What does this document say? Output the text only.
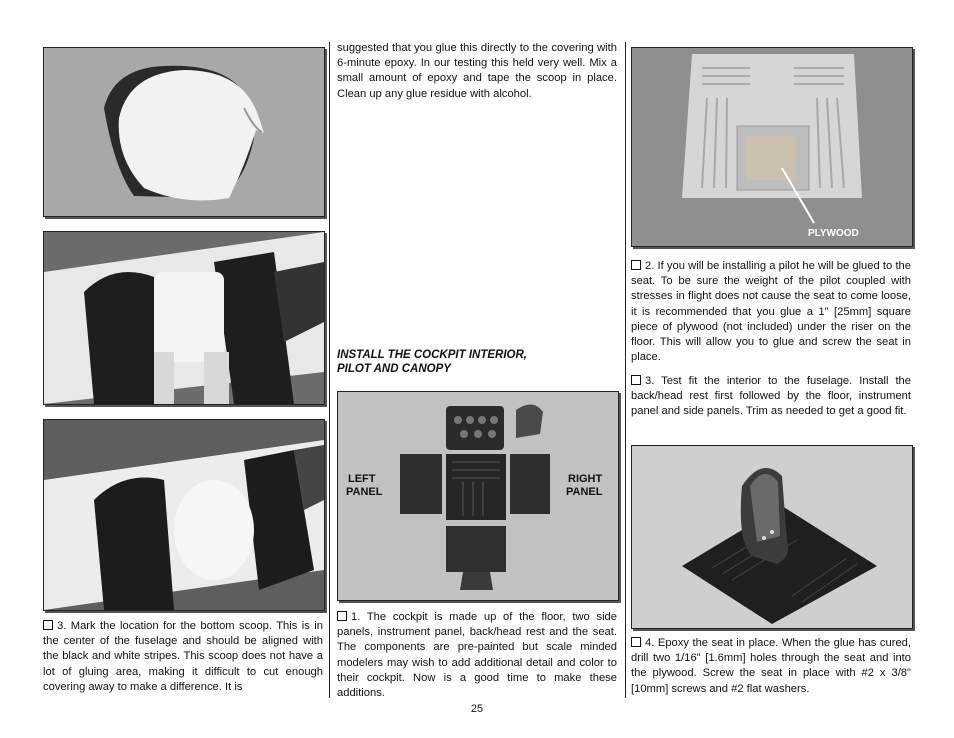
3. Mark the location for the bottom scoop. This is in the center of the fuselage and should be aligned with the black and white stripes. This scoop does not have a lot of gluing area, making it difficult to cut enough covering away to make a difference. It is
suggested that you glue this directly to the covering with 6-minute epoxy. In our testing this held very well. Mix a small amount of epoxy and tape the scoop in place. Clean up any glue residue with alcohol.
INSTALL THE COCKPIT INTERIOR,
PILOT AND CANOPY
LEFT
PANEL
RIGHT
PANEL
1. The cockpit is made up of the floor, two side panels, instrument panel, back/head rest and the seat. The components are pre-painted but scale minded modelers may wish to add additional detail and color to their cockpit. Now is a good time to make these additions.
PLYWOOD
2. If you will be installing a pilot he will be glued to the seat. To be sure the weight of the pilot coupled with stresses in flight does not cause the seat to come loose, it is recommended that you glue a 1" [25mm] square piece of plywood (not included) under the riser on the floor. This will allow you to glue and screw the seat in place.
3. Test fit the interior to the fuselage. Install the back/head rest first followed by the floor, instrument panel and side panels. Trim as needed to get a good fit.
4. Epoxy the seat in place. When the glue has cured, drill two 1/16" [1.6mm] holes through the seat and into the plywood. Screw the seat in place with #2 x 3/8" [10mm] screws and #2 flat washers.
25
